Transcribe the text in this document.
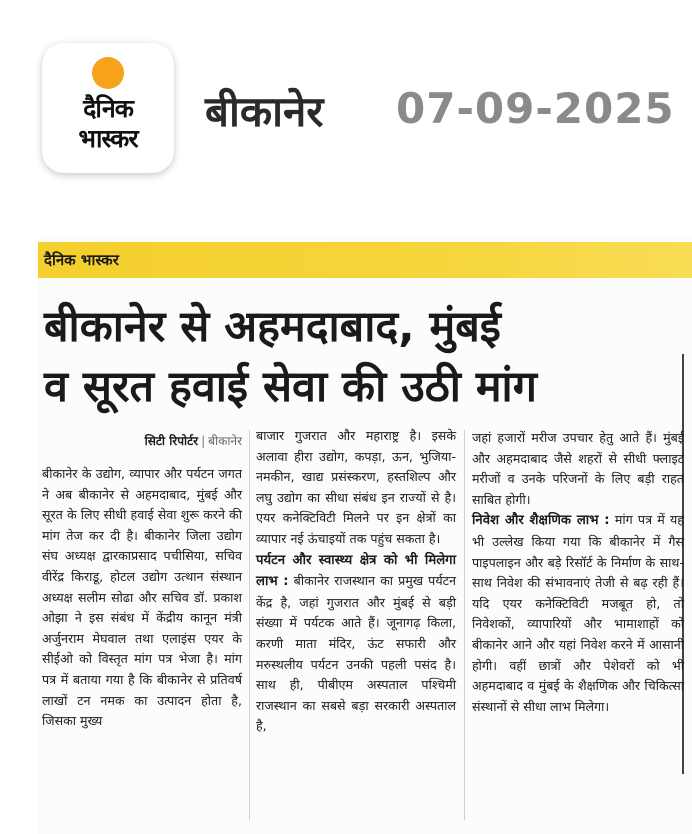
दैनिक
भास्कर
बीकानेर 07-09-2025
दैनिक भास्कर
बीकानेर से अहमदाबाद, मुंबई
व सूरत हवाई सेवा की उठी मांग
सिटी रिपोर्टर | बीकानेर

बीकानेर के उद्योग, व्यापार और पर्यटन जगत ने अब बीकानेर से अहमदाबाद, मुंबई और सूरत के लिए सीधी हवाई सेवा शुरू करने की मांग तेज कर दी है। बीकानेर जिला उद्योग संघ अध्यक्ष द्वारकाप्रसाद पचीसिया, सचिव वीरेंद्र किराडू, होटल उद्योग उत्थान संस्थान अध्यक्ष सलीम सोढा और सचिव डॉ. प्रकाश ओझा ने इस संबंध में केंद्रीय कानून मंत्री अर्जुनराम मेघवाल तथा एलाइंस एयर के सीईओ को विस्तृत मांग पत्र भेजा है। मांग पत्र में बताया गया है कि बीकानेर से प्रतिवर्ष लाखों टन नमक का उत्पादन होता है, जिसका मुख्य

बाजार गुजरात और महाराष्ट्र है। इसके अलावा हीरा उद्योग, कपड़ा, ऊन, भुजिया-नमकीन, खाद्य प्रसंस्करण, हस्तशिल्प और लघु उद्योग का सीधा संबंध इन राज्यों से है। एयर कनेक्टिविटी मिलने पर इन क्षेत्रों का व्यापार नई ऊंचाइयों तक पहुंच सकता है।

पर्यटन और स्वास्थ्य क्षेत्र को भी मिलेगा लाभ : बीकानेर राजस्थान का प्रमुख पर्यटन केंद्र है, जहां गुजरात और मुंबई से बड़ी संख्या में पर्यटक आते हैं। जूनागढ़ किला, करणी माता मंदिर, ऊंट सफारी और मरुस्थलीय पर्यटन उनकी पहली पसंद है। साथ ही, पीबीएम अस्पताल पश्चिमी राजस्थान का सबसे बड़ा सरकारी अस्पताल है,

जहां हजारों मरीज उपचार हेतु आते हैं। मुंबई और अहमदाबाद जैसे शहरों से सीधी फ्लाइट मरीजों व उनके परिजनों के लिए बड़ी राहत साबित होगी।

निवेश और शैक्षणिक लाभ : मांग पत्र में यह भी उल्लेख किया गया कि बीकानेर में गैस पाइपलाइन और बड़े रिसॉर्ट के निर्माण के साथ-साथ निवेश की संभावनाएं तेजी से बढ़ रही हैं। यदि एयर कनेक्टिविटी मजबूत हो, तो निवेशकों, व्यापारियों और भामाशाहों को बीकानेर आने और यहां निवेश करने में आसानी होगी। वहीं छात्रों और पेशेवरों को भी अहमदाबाद व मुंबई के शैक्षणिक और चिकित्सा संस्थानों से सीधा लाभ मिलेगा।
